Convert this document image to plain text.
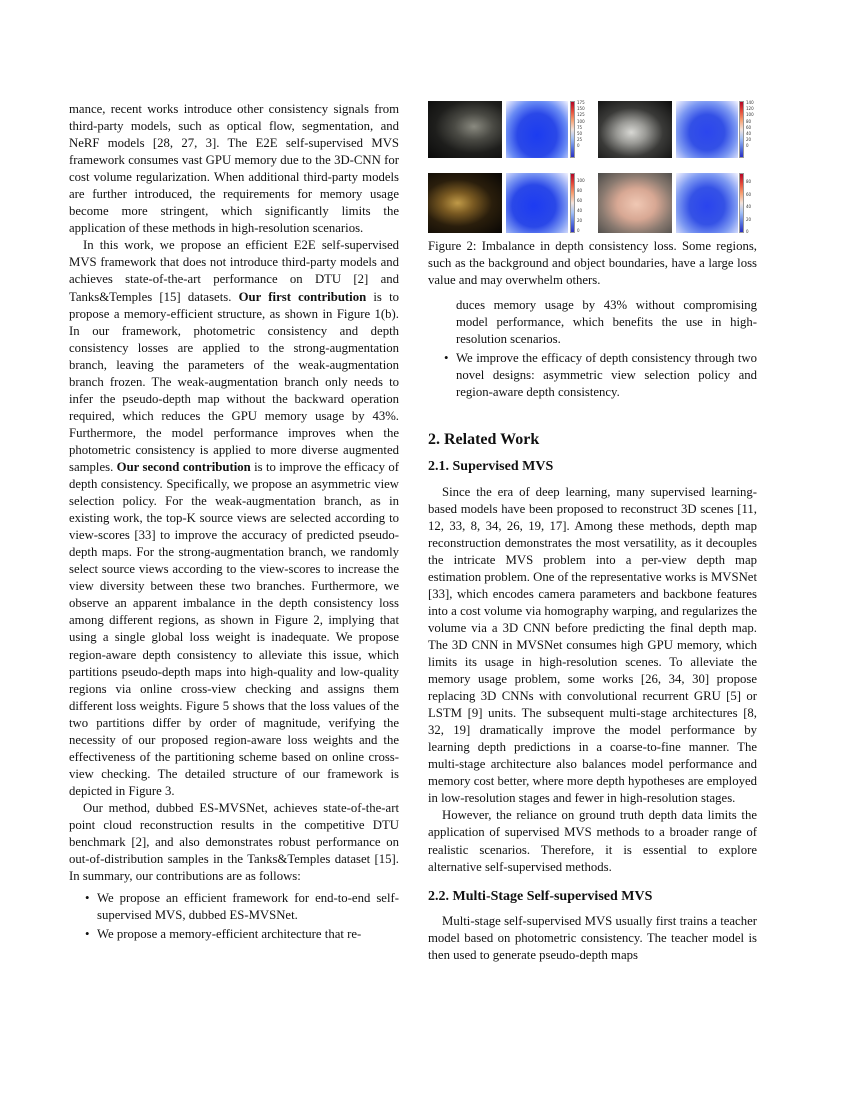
mance, recent works introduce other consistency signals from third-party models, such as optical flow, segmentation, and NeRF models [28, 27, 3]. The E2E self-supervised MVS framework consumes vast GPU memory due to the 3D-CNN for cost volume regularization. When additional third-party models are further introduced, the requirements for memory usage become more stringent, which significantly limits the application of these methods in high-resolution scenarios.

In this work, we propose an efficient E2E self-supervised MVS framework that does not introduce third-party models and achieves state-of-the-art performance on DTU [2] and Tanks&Temples [15] datasets. Our first contribution is to propose a memory-efficient structure, as shown in Figure 1(b). In our framework, photometric consistency and depth consistency losses are applied to the strong-augmentation branch, leaving the parameters of the weak-augmentation branch frozen. The weak-augmentation branch only needs to infer the pseudo-depth map without the backward operation required, which reduces the GPU memory usage by 43%. Furthermore, the model performance improves when the photometric consistency is applied to more diverse augmented samples. Our second contribution is to improve the efficacy of depth consistency. Specifically, we propose an asymmetric view selection policy. For the weak-augmentation branch, as in existing work, the top-K source views are selected according to view-scores [33] to improve the accuracy of predicted pseudo-depth maps. For the strong-augmentation branch, we randomly select source views according to the view-scores to increase the view diversity between these two branches. Furthermore, we observe an apparent imbalance in the depth consistency loss among different regions, as shown in Figure 2, implying that using a single global loss weight is inadequate. We propose region-aware depth consistency to alleviate this issue, which partitions pseudo-depth maps into high-quality and low-quality regions via online cross-view checking and assigns them different loss weights. Figure 5 shows that the loss values of the two partitions differ by order of magnitude, verifying the necessity of our proposed region-aware loss weights and the effectiveness of the partitioning scheme based on online cross-view checking. The detailed structure of our framework is depicted in Figure 3.

Our method, dubbed ES-MVSNet, achieves state-of-the-art point cloud reconstruction results in the competitive DTU benchmark [2], and also demonstrates robust performance on out-of-distribution samples in the Tanks&Temples dataset [15]. In summary, our contributions are as follows:

• We propose an efficient framework for end-to-end self-supervised MVS, dubbed ES-MVSNet.
• We propose a memory-efficient architecture that re-
175
150
125
100
75
50
25
0
140
120
100
80
60
40
20
0
100
80
60
40
20
0
80
60
40
20
0
Figure 2: Imbalance in depth consistency loss. Some regions, such as the background and object boundaries, have a large loss value and may overwhelm others.
duces memory usage by 43% without compromising model performance, which benefits the use in high-resolution scenarios.
• We improve the efficacy of depth consistency through two novel designs: asymmetric view selection policy and region-aware depth consistency.
2. Related Work
2.1. Supervised MVS

Since the era of deep learning, many supervised learning-based models have been proposed to reconstruct 3D scenes [11, 12, 33, 8, 34, 26, 19, 17]. Among these methods, depth map reconstruction demonstrates the most versatility, as it decouples the intricate MVS problem into a per-view depth map estimation problem. One of the representative works is MVSNet [33], which encodes camera parameters and backbone features into a cost volume via homography warping, and regularizes the volume via a 3D CNN before predicting the final depth map. The 3D CNN in MVSNet consumes high GPU memory, which limits its usage in high-resolution scenes. To alleviate the memory usage problem, some works [26, 34, 30] propose replacing 3D CNNs with convolutional recurrent GRU [5] or LSTM [9] units. The subsequent multi-stage architectures [8, 32, 19] dramatically improve the model performance by learning depth predictions in a coarse-to-fine manner. The multi-stage architecture also balances model performance and memory cost better, where more depth hypotheses are employed in low-resolution stages and fewer in high-resolution stages.

However, the reliance on ground truth depth data limits the application of supervised MVS methods to a broader range of realistic scenarios. Therefore, it is essential to explore alternative self-supervised methods.

2.2. Multi-Stage Self-supervised MVS

Multi-stage self-supervised MVS usually first trains a teacher model based on photometric consistency. The teacher model is then used to generate pseudo-depth maps
